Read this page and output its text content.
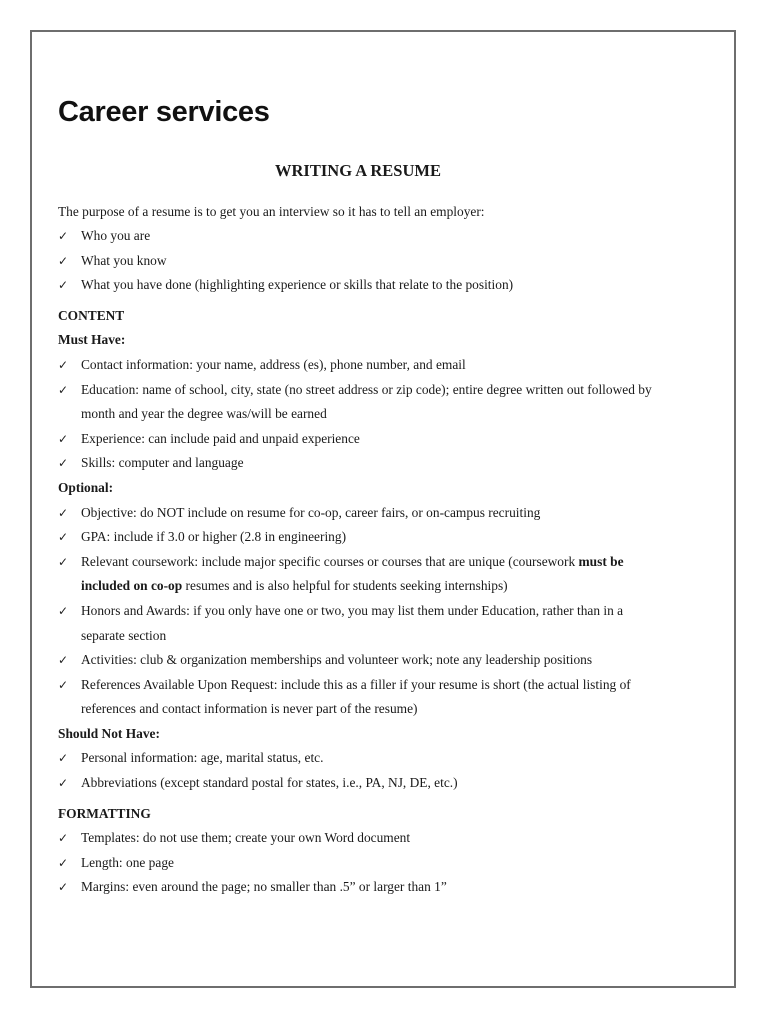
Career services
WRITING A RESUME
The purpose of a resume is to get you an interview so it has to tell an employer:
✓ Who you are
✓ What you know
✓ What you have done (highlighting experience or skills that relate to the position)
CONTENT
Must Have:
✓ Contact information: your name, address (es), phone number, and email
✓ Education: name of school, city, state (no street address or zip code); entire degree written out followed by month and year the degree was/will be earned
✓ Experience: can include paid and unpaid experience
✓ Skills: computer and language
Optional:
✓ Objective: do NOT include on resume for co-op, career fairs, or on-campus recruiting
✓ GPA: include if 3.0 or higher (2.8 in engineering)
✓ Relevant coursework: include major specific courses or courses that are unique (coursework must be included on co-op resumes and is also helpful for students seeking internships)
✓ Honors and Awards: if you only have one or two, you may list them under Education, rather than in a separate section
✓ Activities: club & organization memberships and volunteer work; note any leadership positions
✓ References Available Upon Request: include this as a filler if your resume is short (the actual listing of references and contact information is never part of the resume)
Should Not Have:
✓ Personal information: age, marital status, etc.
✓ Abbreviations (except standard postal for states, i.e., PA, NJ, DE, etc.)
FORMATTING
✓ Templates: do not use them; create your own Word document
✓ Length: one page
✓ Margins: even around the page; no smaller than .5” or larger than 1”
